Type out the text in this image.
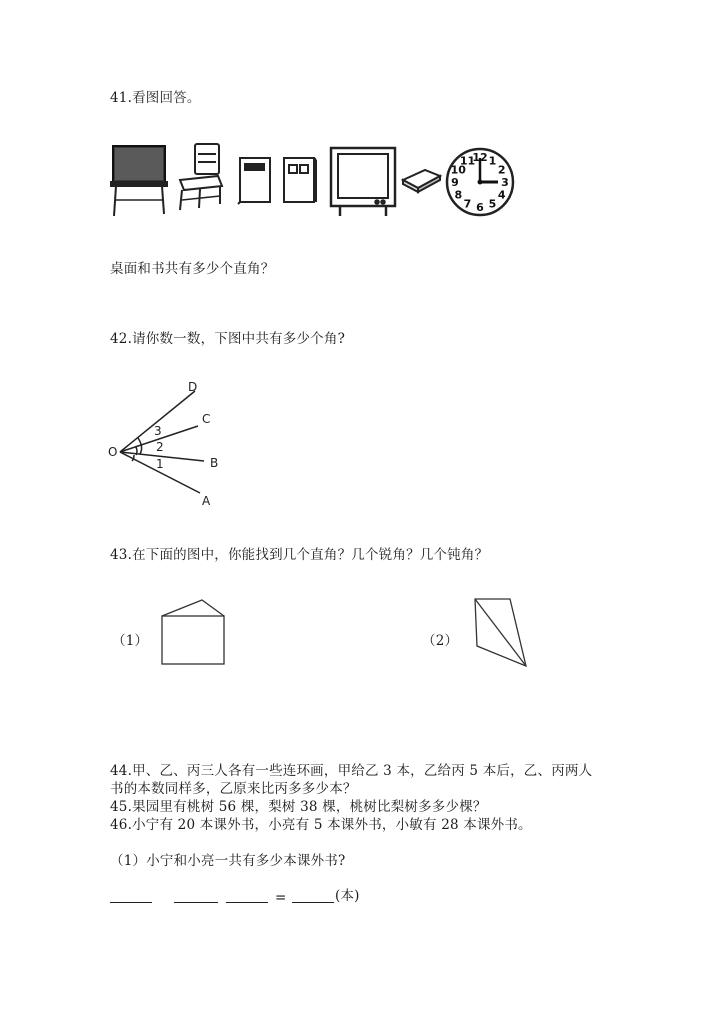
41.看图回答。
12 1
2
3
4
5
6
7
8
9
10
11
桌面和书共有多少个直角？
42.请你数一数，下图中共有多少个角?
O
D
C
B
A
3
2
1
43.在下面的图中，你能找到几个直角？几个锐角？几个钝角？
（1）	（2）
44.甲、乙、丙三人各有一些连环画，甲给乙 3 本，乙给丙 5 本后，乙、丙两人
书的本数同样多，乙原来比丙多多少本？
45.果园里有桃树 56 棵，梨树 38 棵，桃树比梨树多多少棵？
46.小宁有 20 本课外书，小亮有 5 本课外书，小敏有 28 本课外书。
（1）小宁和小亮一共有多少本课外书?
=	(本)
